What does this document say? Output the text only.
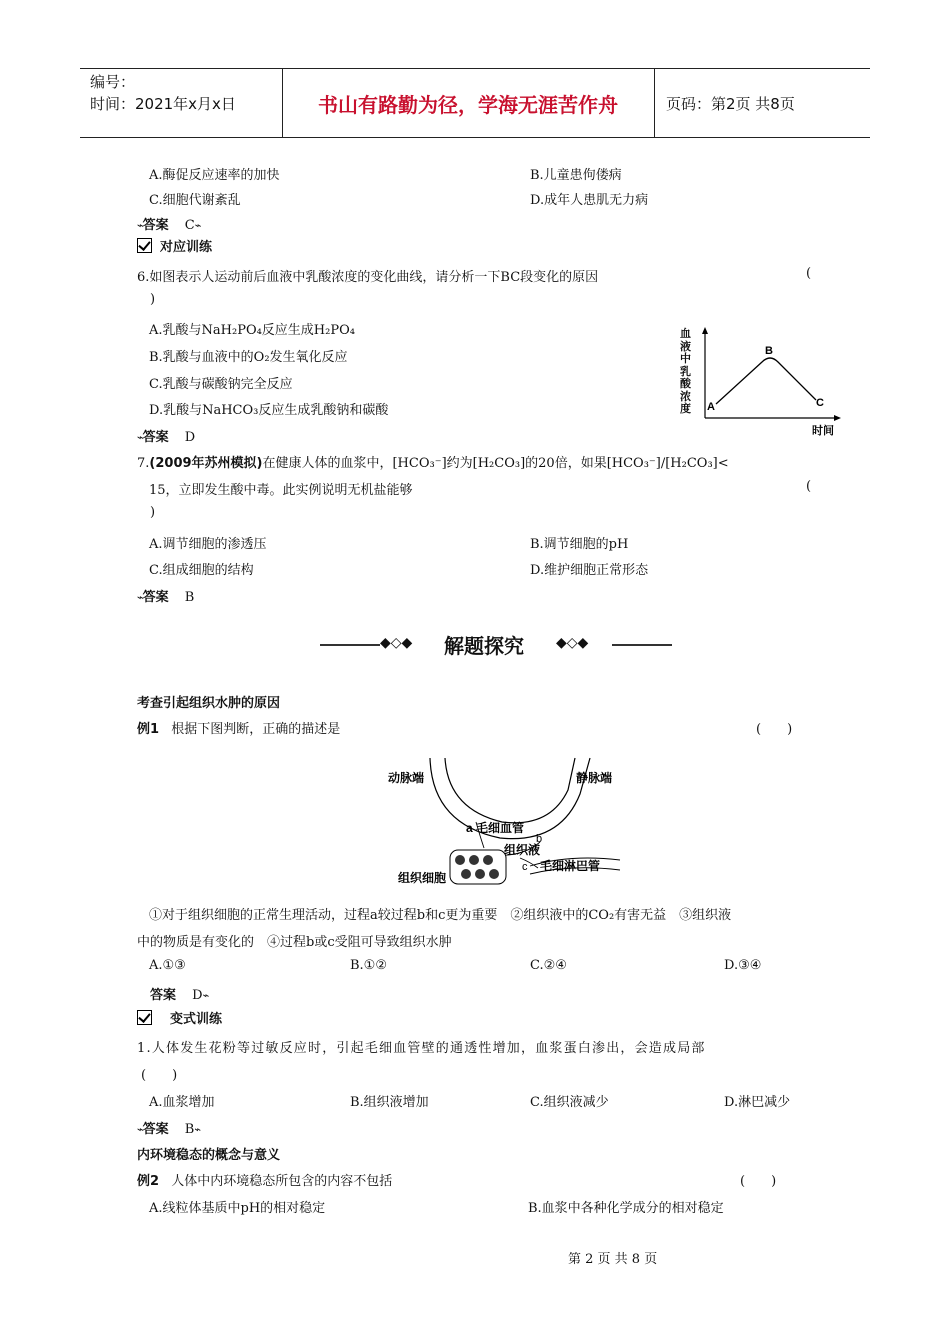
编号：
时间：2021年x月x日	书山有路勤为径，学海无涯苦作舟	页码：第2页 共8页
A.酶促反应速率的加快	B.儿童患佝偻病
C.细胞代谢紊乱	D.成年人患肌无力病
⌁答案 C⌁
对应训练
6.如图表示人运动前后血液中乳酸浓度的变化曲线，请分析一下BC段变化的原因	(
)
A.乳酸与NaH₂PO₄反应生成H₂PO₄
B.乳酸与血液中的O₂发生氧化反应
C.乳酸与碳酸钠完全反应
D.乳酸与NaHCO₃反应生成乳酸钠和碳酸
⌁答案 D
A
B
C
时间
血液中乳酸浓度
7.(2009年苏州模拟)在健康人体的血浆中，[HCO₃⁻]约为[H₂CO₃]的20倍，如果[HCO₃⁻]/[H₂CO₃]<
15，立即发生酸中毒。此实例说明无机盐能够	(
)
A.调节细胞的渗透压	B.调节细胞的pH
C.组成细胞的结构	D.维护细胞正常形态
⌁答案 B
◆◇◆ 解题探究 ◆◇◆
考查引起组织水肿的原因
例1 根据下图判断，正确的描述是	(　　)
动脉端	静脉端
a 毛细血管
b
组织液
c 毛细淋巴管
组织细胞
①对于组织细胞的正常生理活动，过程a较过程b和c更为重要　②组织液中的CO₂有害无益　③组织液
中的物质是有变化的　④过程b或c受阻可导致组织水肿
A.①③	B.①②	C.②④	D.③④
答案 D⌁
变式训练
1.人体发生花粉等过敏反应时，引起毛细血管壁的通透性增加，血浆蛋白渗出，会造成局部
(　　)
A.血浆增加	B.组织液增加	C.组织液减少	D.淋巴减少
⌁答案 B⌁
内环境稳态的概念与意义
例2 人体中内环境稳态所包含的内容不包括	(　　)
A.线粒体基质中pH的相对稳定	B.血浆中各种化学成分的相对稳定
第 2 页 共 8 页
